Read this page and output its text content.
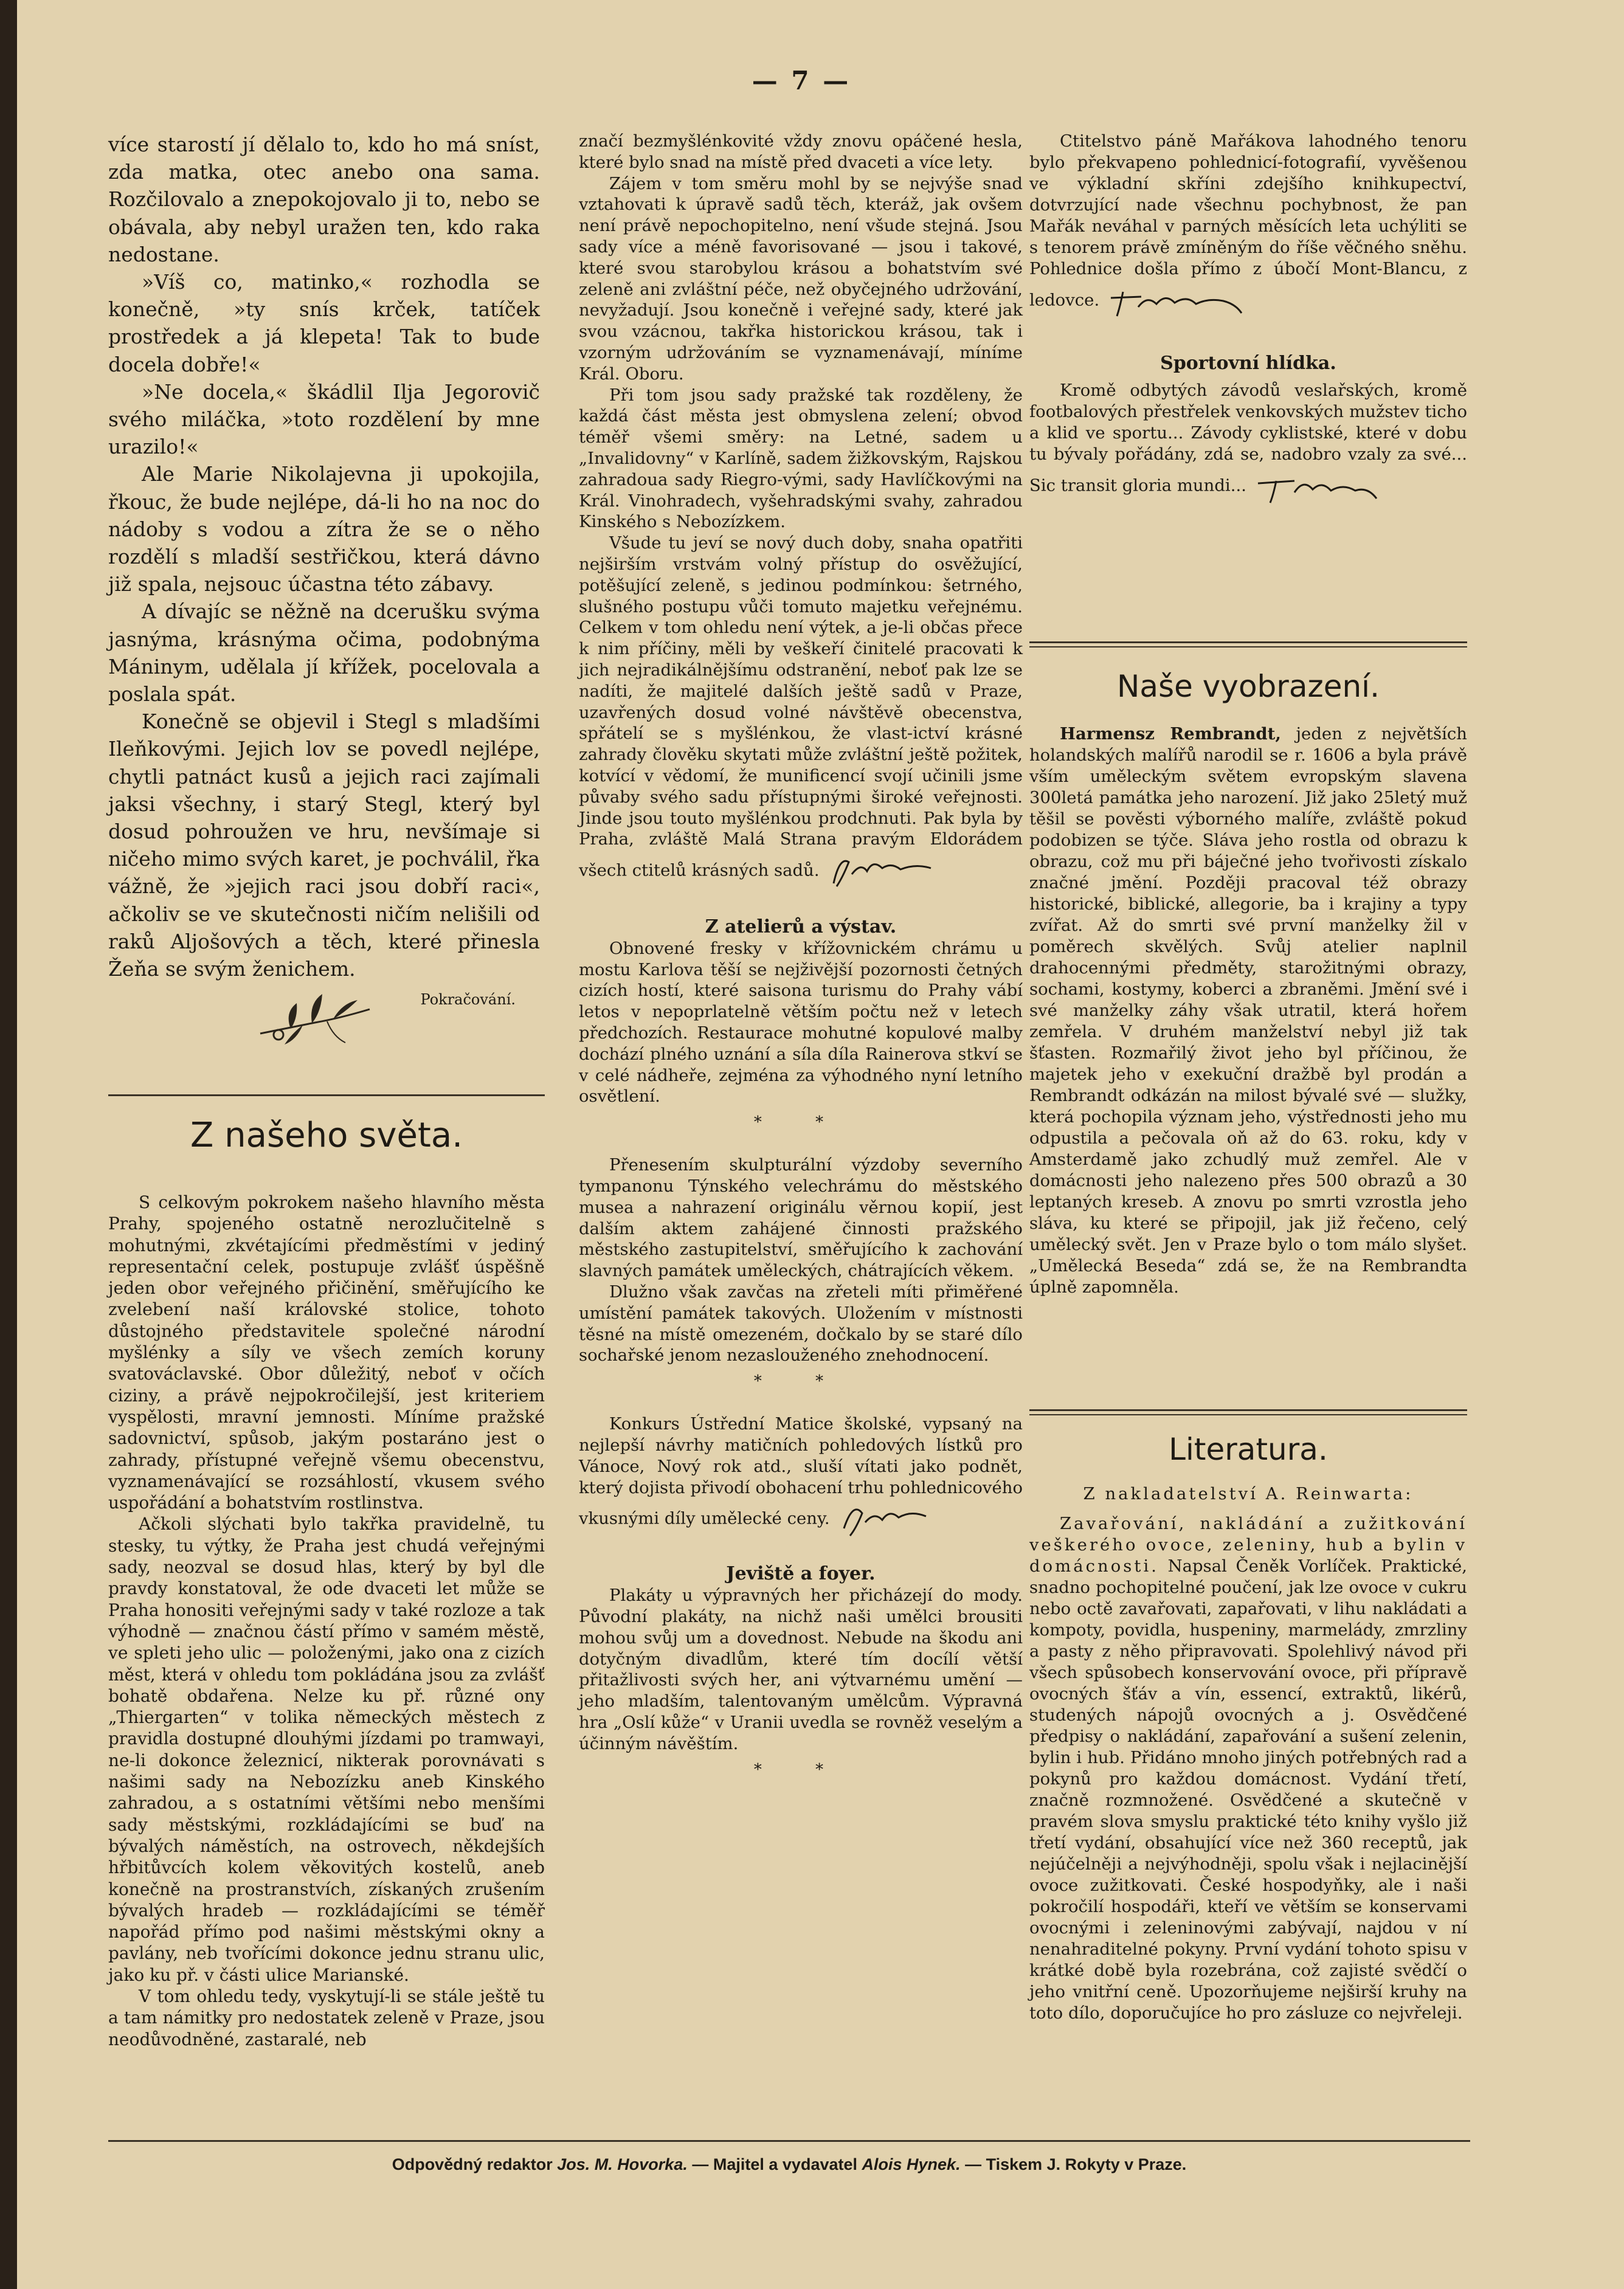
— 7 —

více starostí jí dělalo to, kdo ho má sníst, zda matka, otec anebo ona sama. Rozčilovalo a znepokojovalo ji to, nebo se obávala, aby nebyl uražen ten, kdo raka nedostane.

»Víš co, matinko,« rozhodla se konečně, »ty snís krček, tatíček prostředek a já klepeta! Tak to bude docela dobře!«

»Ne docela,« škádlil Ilja Jegorovič svého miláčka, »toto rozdělení by mne urazilo!«

Ale Marie Nikolajevna ji upokojila, řkouc, že bude nejlépe, dá-li ho na noc do nádoby s vodou a zítra že se o něho rozdělí s mladší sestřičkou, která dávno již spala, nejsouc účastna této zábavy.

A dívajíc se něžně na dcerušku svýma jasnýma, krásnýma očima, podobnýma Máninym, udělala jí křížek, pocelovala a poslala spát.

Konečně se objevil i Stegl s mladšími Ileňkovými. Jejich lov se povedl nejlépe, chytli patnáct kusů a jejich raci zajímali jaksi všechny, i starý Stegl, který byl dosud pohroužen ve hru, nevšímaje si ničeho mimo svých karet, je pochválil, řka vážně, že »jejich raci jsou dobří raci«, ačkoliv se ve skutečnosti ničím nelišili od raků Aljošových a těch, které přinesla Žeňa se svým ženichem.

Pokračování.
Z našeho světa.

S celkovým pokrokem našeho hlavního města Prahy, spojeného ostatně nerozlučitelně s mohutnými, zkvétajícími předměstími v jediný representační celek, postupuje zvlášť úspěšně jeden obor veřejného přičinění, směřujícího ke zvelebení naší královské stolice, tohoto důstojného představitele společné národní myšlénky a síly ve všech zemích koruny svatováclavské. Obor důležitý, neboť v očích ciziny, a právě nejpokročilejší, jest kriteriem vyspělosti, mravní jemnosti. Míníme pražské sadovnictví, spůsob, jakým postaráno jest o zahrady, přístupné veřejně všemu obecenstvu, vyznamenávající se rozsáhlostí, vkusem svého uspořádání a bohatstvím rostlinstva.

Ačkoli slýchati bylo takřka pravidelně, tu stesky, tu výtky, že Praha jest chudá veřejnými sady, neozval se dosud hlas, který by byl dle pravdy konstatoval, že ode dvaceti let může se Praha honositi veřejnými sady v také rozloze a tak výhodně — značnou částí přímo v samém městě, ve spleti jeho ulic — položenými, jako ona z cizích měst, která v ohledu tom pokládána jsou za zvlášť bohatě obdařena. Nelze ku př. různé ony „Thiergarten“ v tolika německých městech z pravidla dostupné dlouhými jízdami po tramwayi, ne-li dokonce železnicí, nikterak porovnávati s našimi sady na Nebozízku aneb Kinského zahradou, a s ostatními většími nebo menšími sady městskými, rozkládajícími se buď na bývalých náměstích, na ostrovech, někdejších hřbitůvcích kolem věkovitých kostelů, aneb konečně na prostranstvích, získaných zrušením bývalých hradeb — rozkládajícími se téměř napořád přímo pod našimi městskými okny a pavlány, neb tvořícími dokonce jednu stranu ulic, jako ku př. v části ulice Marianské.

V tom ohledu tedy, vyskytují-li se stále ještě tu a tam námitky pro nedostatek zeleně v Praze, jsou neodůvodněné, zastaralé, neb

značí bezmyšlénkovité vždy znovu opáčené hesla, které bylo snad na místě před dvaceti a více lety.

Zájem v tom směru mohl by se nejvýše snad vztahovati k úpravě sadů těch, kteráž, jak ovšem není právě nepochopitelno, není všude stejná. Jsou sady více a méně favorisované — jsou i takové, které svou starobylou krásou a bohatstvím své zeleně ani zvláštní péče, než obyčejného udržování, nevyžadují. Jsou konečně i veřejné sady, které jak svou vzácnou, takřka historickou krásou, tak i vzorným udržováním se vyznamenávají, míníme Král. Oboru.

Při tom jsou sady pražské tak rozděleny, že každá část města jest obmyslena zelení; obvod téměř všemi směry: na Letné, sadem u „Invalidovny“ v Karlíně, sadem žižkovským, Rajskou zahradoua sady Riegro-vými, sady Havlíčkovými na Král. Vinohradech, vyšehradskými svahy, zahradou Kinského s Nebozízkem.

Všude tu jeví se nový duch doby, snaha opatřiti nejširším vrstvám volný přístup do osvěžující, potěšující zeleně, s jedinou podmínkou: šetrného, slušného postupu vůči tomuto majetku veřejnému. Celkem v tom ohledu není výtek, a je-li občas přece k nim příčiny, měli by veškeří činitelé pracovati k jich nejradikálnějšímu odstranění, neboť pak lze se nadíti, že majitelé dalších ještě sadů v Praze, uzavřených dosud volné návštěvě obecenstva, spřátelí se s myšlénkou, že vlast-ictví krásné zahrady člověku skytati může zvláštní ještě požitek, kotvící v vědomí, že munificencí svojí učinili jsme půvaby svého sadu přístupnými široké veřejnosti. Jinde jsou touto myšlénkou prodchnuti. Pak byla by Praha, zvláště Malá Strana pravým Eldorádem všech ctitelů krásných sadů.

Z atelierů a výstav.

Obnovené fresky v křížovnickém chrámu u mostu Karlova těší se nejživější pozornosti četných cizích hostí, které saisona turismu do Prahy vábí letos v nepoprlatelně větším počtu než v letech předchozích. Restaurace mohutné kopulové malby dochází plného uznání a síla díla Rainerova stkví se v celé nádheře, zejména za výhodného nyní letního osvětlení.

* *

Přenesením skulpturální výzdoby severního tympanonu Týnského velechrámu do městského musea a nahrazení originálu věrnou kopií, jest dalším aktem zahájené činnosti pražského městského zastupitelství, směřujícího k zachování slavných památek uměleckých, chátrajících věkem.

Dlužno však zavčas na zřeteli míti přiměřené umístění památek takových. Uložením v místnosti těsné na místě omezeném, dočkalo by se staré dílo sochařské jenom nezaslouženého znehodnocení.

* *

Konkurs Ústřední Matice školské, vypsaný na nejlepší návrhy matičních pohledových lístků pro Vánoce, Nový rok atd., sluší vítati jako podnět, který dojista přivodí obohacení trhu pohlednicového vkusnými díly umělecké ceny.

Jeviště a foyer.

Plakáty u výpravných her přicházejí do mody. Původní plakáty, na nichž naši umělci brousiti mohou svůj um a dovednost. Nebude na škodu ani dotyčným divadlům, které tím docílí větší přitažlivosti svých her, ani výtvarnému umění — jeho mladším, talentovaným umělcům. Výpravná hra „Oslí kůže“ v Uranii uvedla se rovněž veselým a účinným návěštím.

* *

Ctitelstvo páně Mařákova lahodného tenoru bylo překvapeno pohlednicí-fotografií, vyvěšenou ve výkladní skříni zdejšího knihkupectví, dotvrzující nade všechnu pochybnost, že pan Mařák neváhal v parných měsících leta uchýliti se s tenorem právě zmíněným do říše věčného sněhu. Pohlednice došla přímo z úbočí Mont-Blancu, z ledovce.

Sportovní hlídka.

Kromě odbytých závodů veslařských, kromě footbalových přestřelek venkovských mužstev ticho a klid ve sportu... Závody cyklistské, které v dobu tu bývaly pořádány, zdá se, nadobro vzaly za své... Sic transit gloria mundi...

Naše vyobrazení.

Harmensz Rembrandt, jeden z největších holandských malířů narodil se r. 1606 a byla právě vším uměleckým světem evropským slavena 300letá památka jeho narození. Již jako 25letý muž těšil se pověsti výborného malíře, zvláště pokud podobizen se týče. Sláva jeho rostla od obrazu k obrazu, což mu při báječné jeho tvořivosti získalo značné jmění. Později pracoval též obrazy historické, biblické, allegorie, ba i krajiny a typy zvířat. Až do smrti své první manželky žil v poměrech skvělých. Svůj atelier naplnil drahocennými předměty, starožitnými obrazy, sochami, kostymy, koberci a zbraněmi. Jmění své i své manželky záhy však utratil, která hořem zemřela. V druhém manželství nebyl již tak šťasten. Rozmařilý život jeho byl příčinou, že majetek jeho v exekuční dražbě byl prodán a Rembrandt odkázán na milost bývalé své — služky, která pochopila význam jeho, výstřednosti jeho mu odpustila a pečovala oň až do 63. roku, kdy v Amsterdamě jako zchudlý muž zemřel. Ale v domácnosti jeho nalezeno přes 500 obrazů a 30 leptaných kreseb. A znovu po smrti vzrostla jeho sláva, ku které se připojil, jak již řečeno, celý umělecký svět. Jen v Praze bylo o tom málo slyšet. „Umělecká Beseda“ zdá se, že na Rembrandta úplně zapomněla.

Literatura.
Z nakladatelství A. Reinwarta:

Zavařování, nakládání a zužitkování veškerého ovoce, zeleniny, hub a bylin v domácnosti. Napsal Čeněk Vorlíček. Praktické, snadno pochopitelné poučení, jak lze ovoce v cukru nebo octě zavařovati, zapařovati, v lihu nakládati a kompoty, povidla, huspeniny, marmelády, zmrzliny a pasty z něho připravovati. Spolehlivý návod při všech spůsobech konservování ovoce, při přípravě ovocných šťáv a vín, essencí, extraktů, likérů, studených nápojů ovocných a j. Osvědčené předpisy o nakládání, zapařování a sušení zelenin, bylin i hub. Přidáno mnoho jiných potřebných rad a pokynů pro každou domácnost. Vydání třetí, značně rozmnožené. Osvědčené a skutečně v pravém slova smyslu praktické této knihy vyšlo již třetí vydání, obsahující více než 360 receptů, jak nejúčelněji a nejvýhodněji, spolu však i nejlacinější ovoce zužitkovati. České hospodyňky, ale i naši pokročilí hospodáři, kteří ve větším se konservami ovocnými i zeleninovými zabývají, najdou v ní nenahraditelné pokyny. První vydání tohoto spisu v krátké době byla rozebrána, což zajisté svědčí o jeho vnitřní ceně. Upozorňujeme nejširší kruhy na toto dílo, doporučujíce ho pro zásluze co nejvřeleji.

Odpovědný redaktor Jos. M. Hovorka. — Majitel a vydavatel Alois Hynek. — Tiskem J. Rokyty v Praze.
